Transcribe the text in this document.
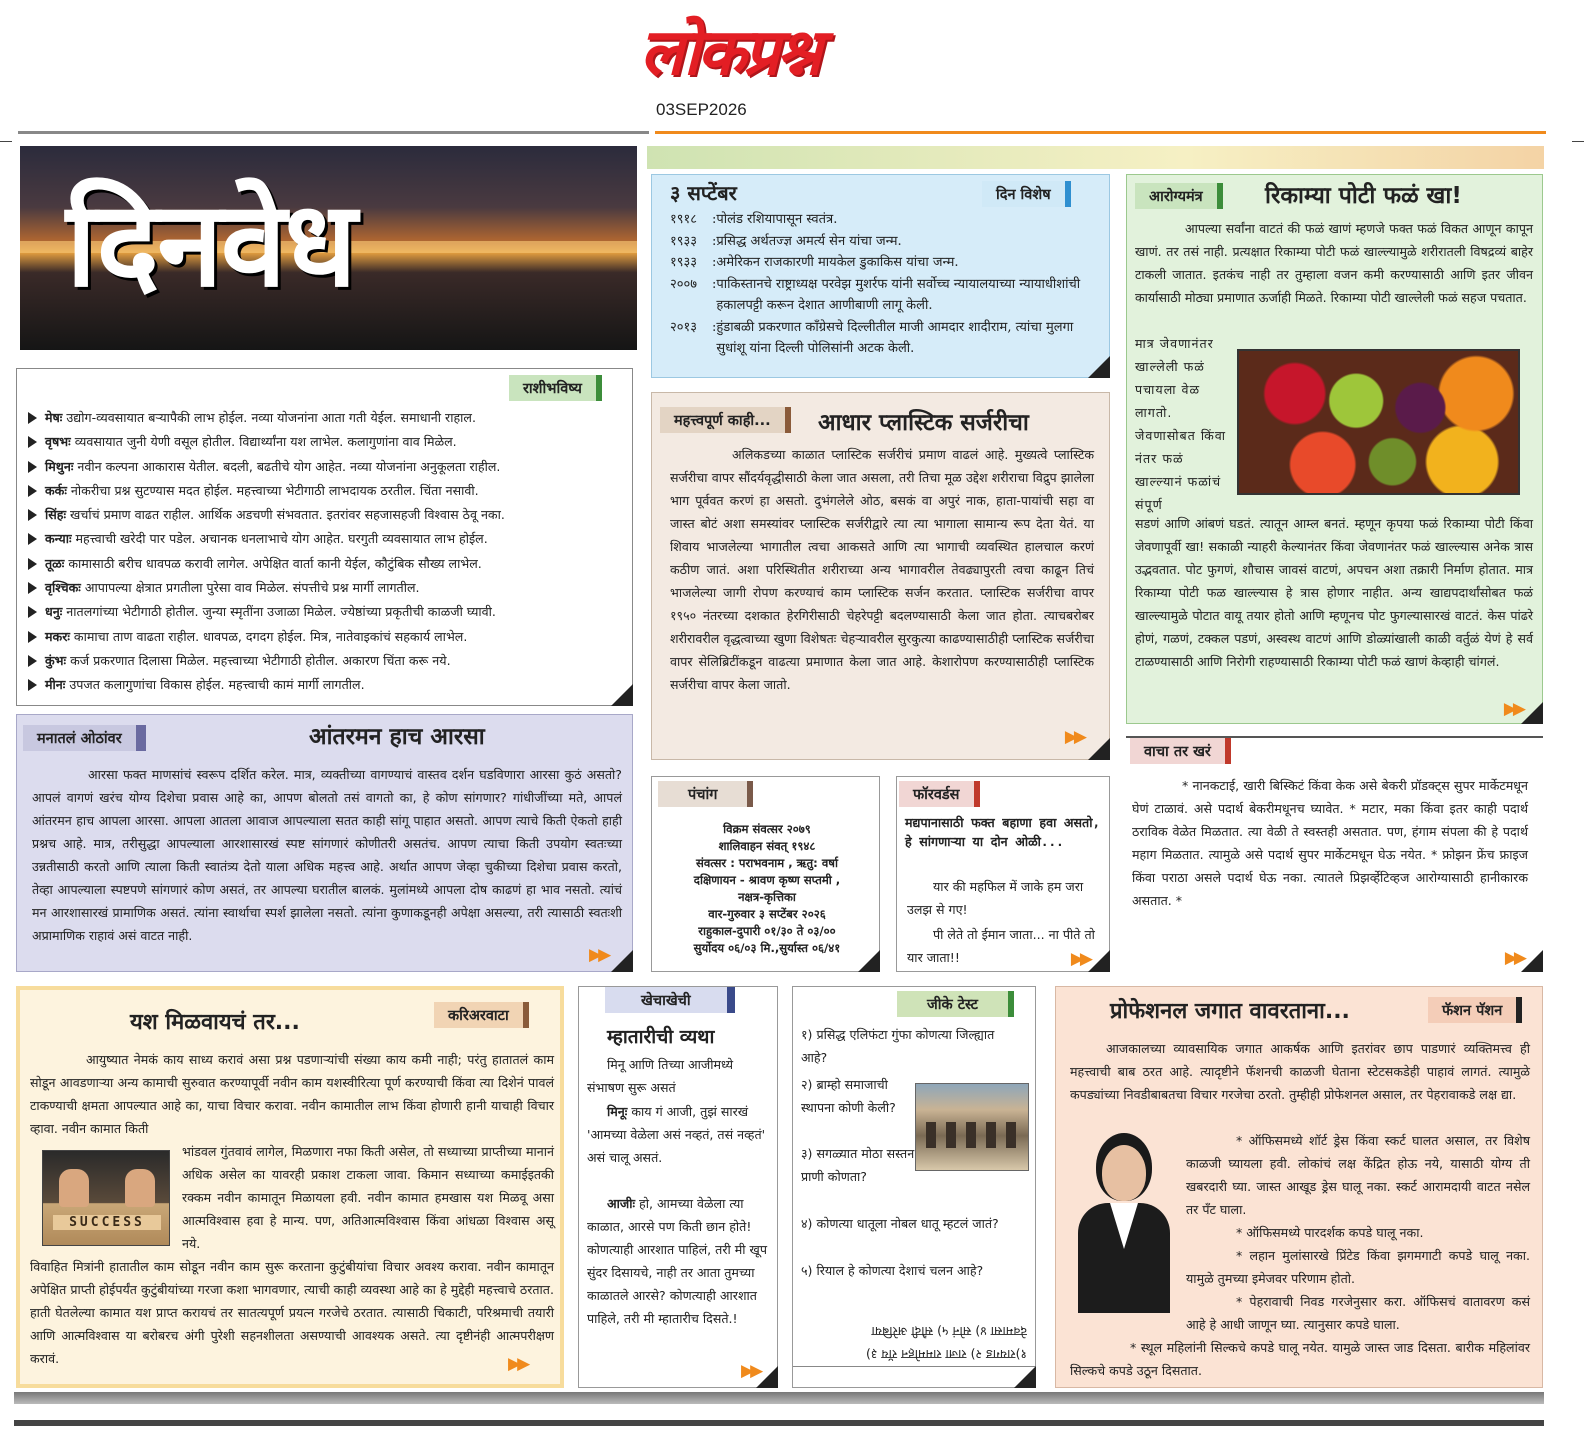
लोकप्रश्न
03SEP2026
दिनवेध	३ सप्टेंबर	दिन विशेष
१९१८	: पोलंड रशियापासून स्वतंत्र.
१९३३	: प्रसिद्ध अर्थतज्ज्ञ अमर्त्य सेन यांचा जन्म.
१९३३	: अमेरिकन राजकारणी मायकेल डुकाकिस यांचा जन्म.
२००७	: पाकिस्तानचे राष्ट्राध्यक्ष परवेझ मुशर्रफ यांनी सर्वोच्च न्यायालयाच्या न्यायाधीशांची हकालपट्टी करून देशात आणीबाणी लागू केली.
२०१३	: हुंडाबळी प्रकरणात काँग्रेसचे दिल्लीतील माजी आमदार शादीराम, त्यांचा मुलगा सुधांशू यांना दिल्ली पोलिसांनी अटक केली.
आरोग्यमंत्र	रिकाम्या पोटी फळं खा!
आपल्या सर्वांना वाटतं की फळं खाणं म्हणजे फक्त फळं विकत आणून कापून खाणं. तर तसं नाही. प्रत्यक्षात रिकाम्या पोटी फळं खाल्ल्यामुळे शरीरातली विषद्रव्यं बाहेर टाकली जातात. इतकंच नाही तर तुम्हाला वजन कमी करण्यासाठी आणि इतर जीवन कार्यासाठी मोठ्या प्रमाणात ऊर्जाही मिळते. रिकाम्या पोटी खाल्लेली फळं सहज पचतात.
मात्र जेवणानंतर खाल्लेली फळं पचायला वेळ लागतो. जेवणासोबत किंवा नंतर फळं खाल्ल्यानं फळांचं संपूर्ण
सडणं आणि आंबणं घडतं. त्यातून आम्ल बनतं. म्हणून कृपया फळं रिकाम्या पोटी किंवा जेवणापूर्वी खा! सकाळी न्याहरी केल्यानंतर किंवा जेवणानंतर फळं खाल्ल्यास अनेक त्रास उद्भवतात. पोट फुगणं, शौचास जावसं वाटणं, अपचन अशा तक्रारी निर्माण होतात. मात्र रिकाम्या पोटी फळ खाल्ल्यास हे त्रास होणार नाहीत. अन्य खाद्यपदार्थांसोबत फळं खाल्ल्यामुळे पोटात वायू तयार होतो आणि म्हणूनच पोट फुगल्यासारखं वाटतं. केस पांढरे होणं, गळणं, टक्कल पडणं, अस्वस्थ वाटणं आणि डोळ्यांखाली काळी वर्तुळं येणं हे सर्व टाळण्यासाठी आणि निरोगी राहण्यासाठी रिकाम्या पोटी फळं खाणं केव्हाही चांगलं.
▶▶
राशीभविष्य
मेषः उद्योग-व्यवसायात बऱ्यापैकी लाभ होईल. नव्या योजनांना आता गती येईल. समाधानी राहाल.
वृषभः व्यवसायात जुनी येणी वसूल होतील. विद्यार्थ्यांना यश लाभेल. कलागुणांना वाव मिळेल.
मिथुनः नवीन कल्पना आकारास येतील. बदली, बढतीचे योग आहेत. नव्या योजनांना अनुकूलता राहील.
कर्कः नोकरीचा प्रश्न सुटण्यास मदत होईल. महत्त्वाच्या भेटीगाठी लाभदायक ठरतील. चिंता नसावी.
सिंहः खर्चाचं प्रमाण वाढत राहील. आर्थिक अडचणी संभवतात. इतरांवर सहजासहजी विश्वास ठेवू नका.
कन्याः महत्त्वाची खरेदी पार पडेल. अचानक धनलाभाचे योग आहेत. घरगुती व्यवसायात लाभ होईल.
तूळः कामासाठी बरीच धावपळ करावी लागेल. अपेक्षित वार्ता कानी येईल, कौटुंबिक सौख्य लाभेल.
वृश्चिकः आपापल्या क्षेत्रात प्रगतीला पुरेसा वाव मिळेल. संपत्तीचे प्रश्न मार्गी लागतील.
धनुः नातलगांच्या भेटीगाठी होतील. जुन्या स्मृतींना उजाळा मिळेल. ज्येष्ठांच्या प्रकृतीची काळजी घ्यावी.
मकरः कामाचा ताण वाढता राहील. धावपळ, दगदग होईल. मित्र, नातेवाइकांचं सहकार्य लाभेल.
कुंभः कर्ज प्रकरणात दिलासा मिळेल. महत्त्वाच्या भेटीगाठी होतील. अकारण चिंता करू नये.
मीनः उपजत कलागुणांचा विकास होईल. महत्त्वाची कामं मार्गी लागतील.
महत्त्वपूर्ण काही...	आधार प्लास्टिक सर्जरीचा
अलिकडच्या काळात प्लास्टिक सर्जरीचं प्रमाण वाढलं आहे. मुख्यत्वे प्लास्टिक सर्जरीचा वापर सौंदर्यवृद्धीसाठी केला जात असला, तरी तिचा मूळ उद्देश शरीराचा विद्रुप झालेला भाग पूर्ववत करणं हा असतो. दुभंगलेले ओठ, बसकं वा अपुरं नाक, हाता-पायांची सहा वा जास्त बोटं अशा समस्यांवर प्लास्टिक सर्जरीद्वारे त्या त्या भागाला सामान्य रूप देता येतं. या शिवाय भाजलेल्या भागातील त्वचा आकसते आणि त्या भागाची व्यवस्थित हालचाल करणं कठीण जातं. अशा परिस्थितीत शरीराच्या अन्य भागावरील तेवढ्यापुरती त्वचा काढून तिचं भाजलेल्या जागी रोपण करण्याचं काम प्लास्टिक सर्जन करतात. प्लास्टिक सर्जरीचा वापर १९५० नंतरच्या दशकात हेरगिरीसाठी चेहरेपट्टी बदलण्यासाठी केला जात होता. त्याचबरोबर शरीरावरील वृद्धत्वाच्या खुणा विशेषतः चेहऱ्यावरील सुरकुत्या काढण्यासाठीही प्लास्टिक सर्जरीचा वापर सेलिब्रिटींकडून वाढत्या प्रमाणात केला जात आहे. केशारोपण करण्यासाठीही प्लास्टिक सर्जरीचा वापर केला जातो.
▶▶
मनातलं ओठांवर	आंतरमन हाच आरसा
आरसा फक्त माणसांचं स्वरूप दर्शित करेल. मात्र, व्यक्तीच्या वागण्याचं वास्तव दर्शन घडविणारा आरसा कुठं असतो? आपलं वागणं खरंच योग्य दिशेचा प्रवास आहे का, आपण बोलतो तसं वागतो का, हे कोण सांगणार? गांधीजींच्या मते, आपलं आंतरमन हाच आपला आरसा. आपला आतला आवाज आपल्याला सतत काही सांगू पाहात असतो. आपण त्याचे किती ऐकतो हाही प्रश्नच आहे. मात्र, तरीसुद्धा आपल्याला आरशासारखं स्पष्ट सांगणारं कोणीतरी असतंच. आपण त्याचा किती उपयोग स्वतःच्या उन्नतीसाठी करतो आणि त्याला किती स्वातंत्र्य देतो याला अधिक महत्त्व आहे. अर्थात आपण जेव्हा चुकीच्या दिशेचा प्रवास करतो, तेव्हा आपल्याला स्पष्टपणे सांगणारं कोण असतं, तर आपल्या घरातील बालकं. मुलांमध्ये आपला दोष काढणं हा भाव नसतो. त्यांचं मन आरशासारखं प्रामाणिक असतं. त्यांना स्वार्थाचा स्पर्श झालेला नसतो. त्यांना कुणाकडूनही अपेक्षा असल्या, तरी त्यासाठी स्वतःशी अप्रामाणिक राहावं असं वाटत नाही.
▶▶
पंचांग
विक्रम संवत्सर २०७९
शालिवाहन संवत् १९४८
संवत्सर : पराभवनाम , ऋतु: वर्षा
दक्षिणायन - श्रावण कृष्ण सप्तमी ,
नक्षत्र-कृत्तिका
वार-गुरुवार ३ सप्टेंबर २०२६
राहुकाल-दुपारी ०१/३० ते ०३/००
सुर्योदय ०६/०३ मि.,सुर्यास्त ०६/४१
फॉरवर्डस
मद्यपानासाठी फक्त बहाणा हवा असतो, हे सांगणाऱ्या या दोन ओळी...
यार की महफिल में जाके हम जरा उलझ से गए!
पी लेते तो ईमान जाता... ना पीते तो यार जाता!!	▶▶
वाचा तर खरं
* नानकटाई, खारी बिस्किटं किंवा केक असे बेकरी प्रॉडक्ट्स सुपर मार्केटमधून घेणं टाळावं. असे पदार्थ बेकरीमधूनच घ्यावेत. * मटार, मका किंवा इतर काही पदार्थ ठराविक वेळेत मिळतात. त्या वेळी ते स्वस्तही असतात. पण, हंगाम संपला की हे पदार्थ महाग मिळतात. त्यामुळे असे पदार्थ सुपर मार्केटमधून घेऊ नयेत. * फ्रोझन फ्रेंच फ्राइज किंवा पराठा असले पदार्थ घेऊ नका. त्यातले प्रिझर्व्हेटिव्हज आरोग्यासाठी हानीकारक असतात. *
▶▶
यश मिळवायचं तर...	करिअरवाटा
आयुष्यात नेमकं काय साध्य करावं असा प्रश्न पडणाऱ्यांची संख्या काय कमी नाही; परंतु हातातलं काम सोडून आवडणाऱ्या अन्य कामाची सुरुवात करण्यापूर्वी नवीन काम यशस्वीरित्या पूर्ण करण्याची किंवा त्या दिशेनं पावलं टाकण्याची क्षमता आपल्यात आहे का, याचा विचार करावा. नवीन कामातील लाभ किंवा होणारी हानी याचाही विचार व्हावा. नवीन कामात किती
SUCCESS
भांडवल गुंतवावं लागेल, मिळणारा नफा किती असेल, तो सध्याच्या प्राप्तीच्या मानानं अधिक असेल का यावरही प्रकाश टाकला जावा. किमान सध्याच्या कमाईइतकी रक्कम नवीन कामातून मिळायला हवी. नवीन कामात हमखास यश मिळवू असा आत्मविश्वास हवा हे मान्य. पण, अतिआत्मविश्वास किंवा आंधळा विश्वास असू नये.
विवाहित मित्रांनी हातातील काम सोडून नवीन काम सुरू करताना कुटुंबीयांचा विचार अवश्य करावा. नवीन कामातून अपेक्षित प्राप्ती होईपर्यंत कुटुंबीयांच्या गरजा कशा भागवणार, त्याची काही व्यवस्था आहे का हे मुद्देही महत्त्वाचे ठरतात. हाती घेतलेल्या कामात यश प्राप्त करायचं तर सातत्यपूर्ण प्रयत्न गरजेचे ठरतात. त्यासाठी चिकाटी, परिश्रमाची तयारी आणि आत्मविश्वास या बरोबरच अंगी पुरेशी सहनशीलता असण्याची आवश्यक असते. त्या दृष्टीनंही आत्मपरीक्षण करावं.	▶▶
खेचाखेची
म्हातारीची व्यथा
मिनू आणि तिच्या आजीमध्ये संभाषण सुरू असतं
मिनूः काय गं आजी, तुझं सारखं 'आमच्या वेळेला असं नव्हतं, तसं नव्हतं' असं चालू असतं.
आजीः हो, आमच्या वेळेला त्या काळात, आरसे पण किती छान होते! कोणत्याही आरशात पाहिलं, तरी मी खूप सुंदर दिसायचे, नाही तर आता तुमच्या काळातले आरसे? कोणत्याही आरशात पाहिले, तरी मी म्हातारीच दिसते.!
▶▶
जीके टेस्ट
१) प्रसिद्ध एलिफंटा गुंफा कोणत्या जिल्ह्यात आहे?
२) ब्राम्हो समाजाची स्थापना कोणी केली?
३) सगळ्यात मोठा सस्तन प्राणी कोणता?
४) कोणत्या धातूला नोबल धातू म्हटलं जातं?
५) रियाल हे कोणत्या देशाचं चलन आहे?
१)रायगड २) राजा राममोहन रॉय ३)
देवमासा ४) सोनं ५) सौदी अरेबिया
प्रोफेशनल जगात वावरताना...	फॅशन पॅशन
आजकालच्या व्यावसायिक जगात आकर्षक आणि इतरांवर छाप पाडणारं व्यक्तिमत्त्व ही महत्त्वाची बाब ठरत आहे. त्यादृष्टीने फॅशनची काळजी घेताना स्टेटसकडेही पाहावं लागतं. त्यामुळे कपड्यांच्या निवडीबाबतचा विचार गरजेचा ठरतो. तुम्हीही प्रोफेशनल असाल, तर पेहरावाकडे लक्ष द्या.
* ऑफिसमध्ये शॉर्ट ड्रेस किंवा स्कर्ट घालत असाल, तर विशेष काळजी घ्यायला हवी. लोकांचं लक्ष केंद्रित होऊ नये, यासाठी योग्य ती खबरदारी घ्या. जास्त आखूड ड्रेस घालू नका. स्कर्ट आरामदायी वाटत नसेल तर पँट घाला.
* ऑफिसमध्ये पारदर्शक कपडे घालू नका.
* लहान मुलांसारखे प्रिंटेड किंवा झगमगाटी कपडे घालू नका. यामुळे तुमच्या इमेजवर परिणाम होतो.
* पेहरावाची निवड गरजेनुसार करा. ऑफिसचं वातावरण कसं आहे हे आधी जाणून घ्या. त्यानुसार कपडे घाला.
* स्थूल महिलांनी सिल्कचे कपडे घालू नयेत. यामुळे जास्त जाड दिसता. बारीक महिलांवर सिल्कचे कपडे उठून दिसतात.
